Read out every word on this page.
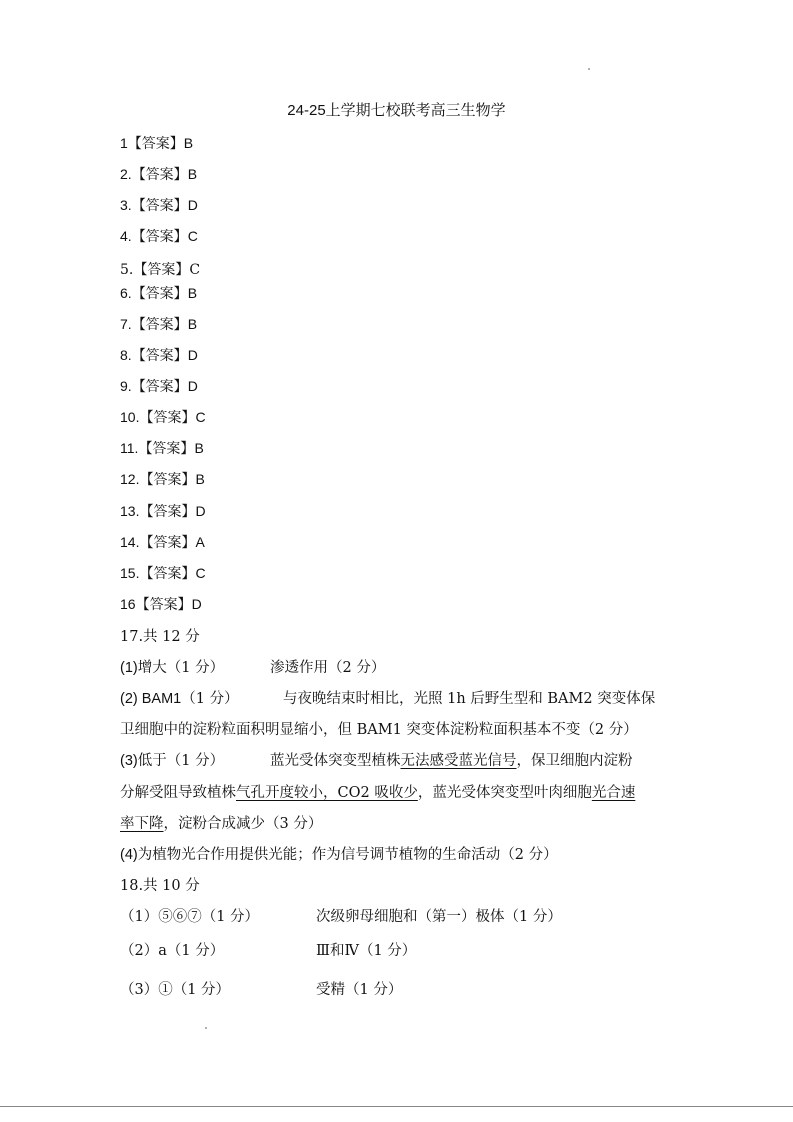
24-25上学期七校联考高三生物学
1【答案】B
2.【答案】B
3.【答案】D
4.【答案】C
5.【答案】C
6.【答案】B
7.【答案】B
8.【答案】D
9.【答案】D
10.【答案】C
11.【答案】B
12.【答案】B
13.【答案】D
14.【答案】A
15.【答案】C
16【答案】D
17.共 12 分
(1)增大（1 分）	渗透作用（2 分）
(2) BAM1（1 分）	与夜晚结束时相比，光照 1h 后野生型和 BAM2 突变体保
卫细胞中的淀粉粒面积明显缩小，但 BAM1 突变体淀粉粒面积基本不变（2 分）
(3)低于（1 分）	蓝光受体突变型植株无法感受蓝光信号，保卫细胞内淀粉
分解受阻导致植株气孔开度较小，CO2 吸收少，蓝光受体突变型叶肉细胞光合速
率下降，淀粉合成减少（3 分）
(4)为植物光合作用提供光能；作为信号调节植物的生命活动（2 分）
18.共 10 分
（1）⑤⑥⑦（1 分）	次级卵母细胞和（第一）极体（1 分）
（2）a（1 分）	Ⅲ和Ⅳ（1 分）
（3）①（1 分）	受精（1 分）
